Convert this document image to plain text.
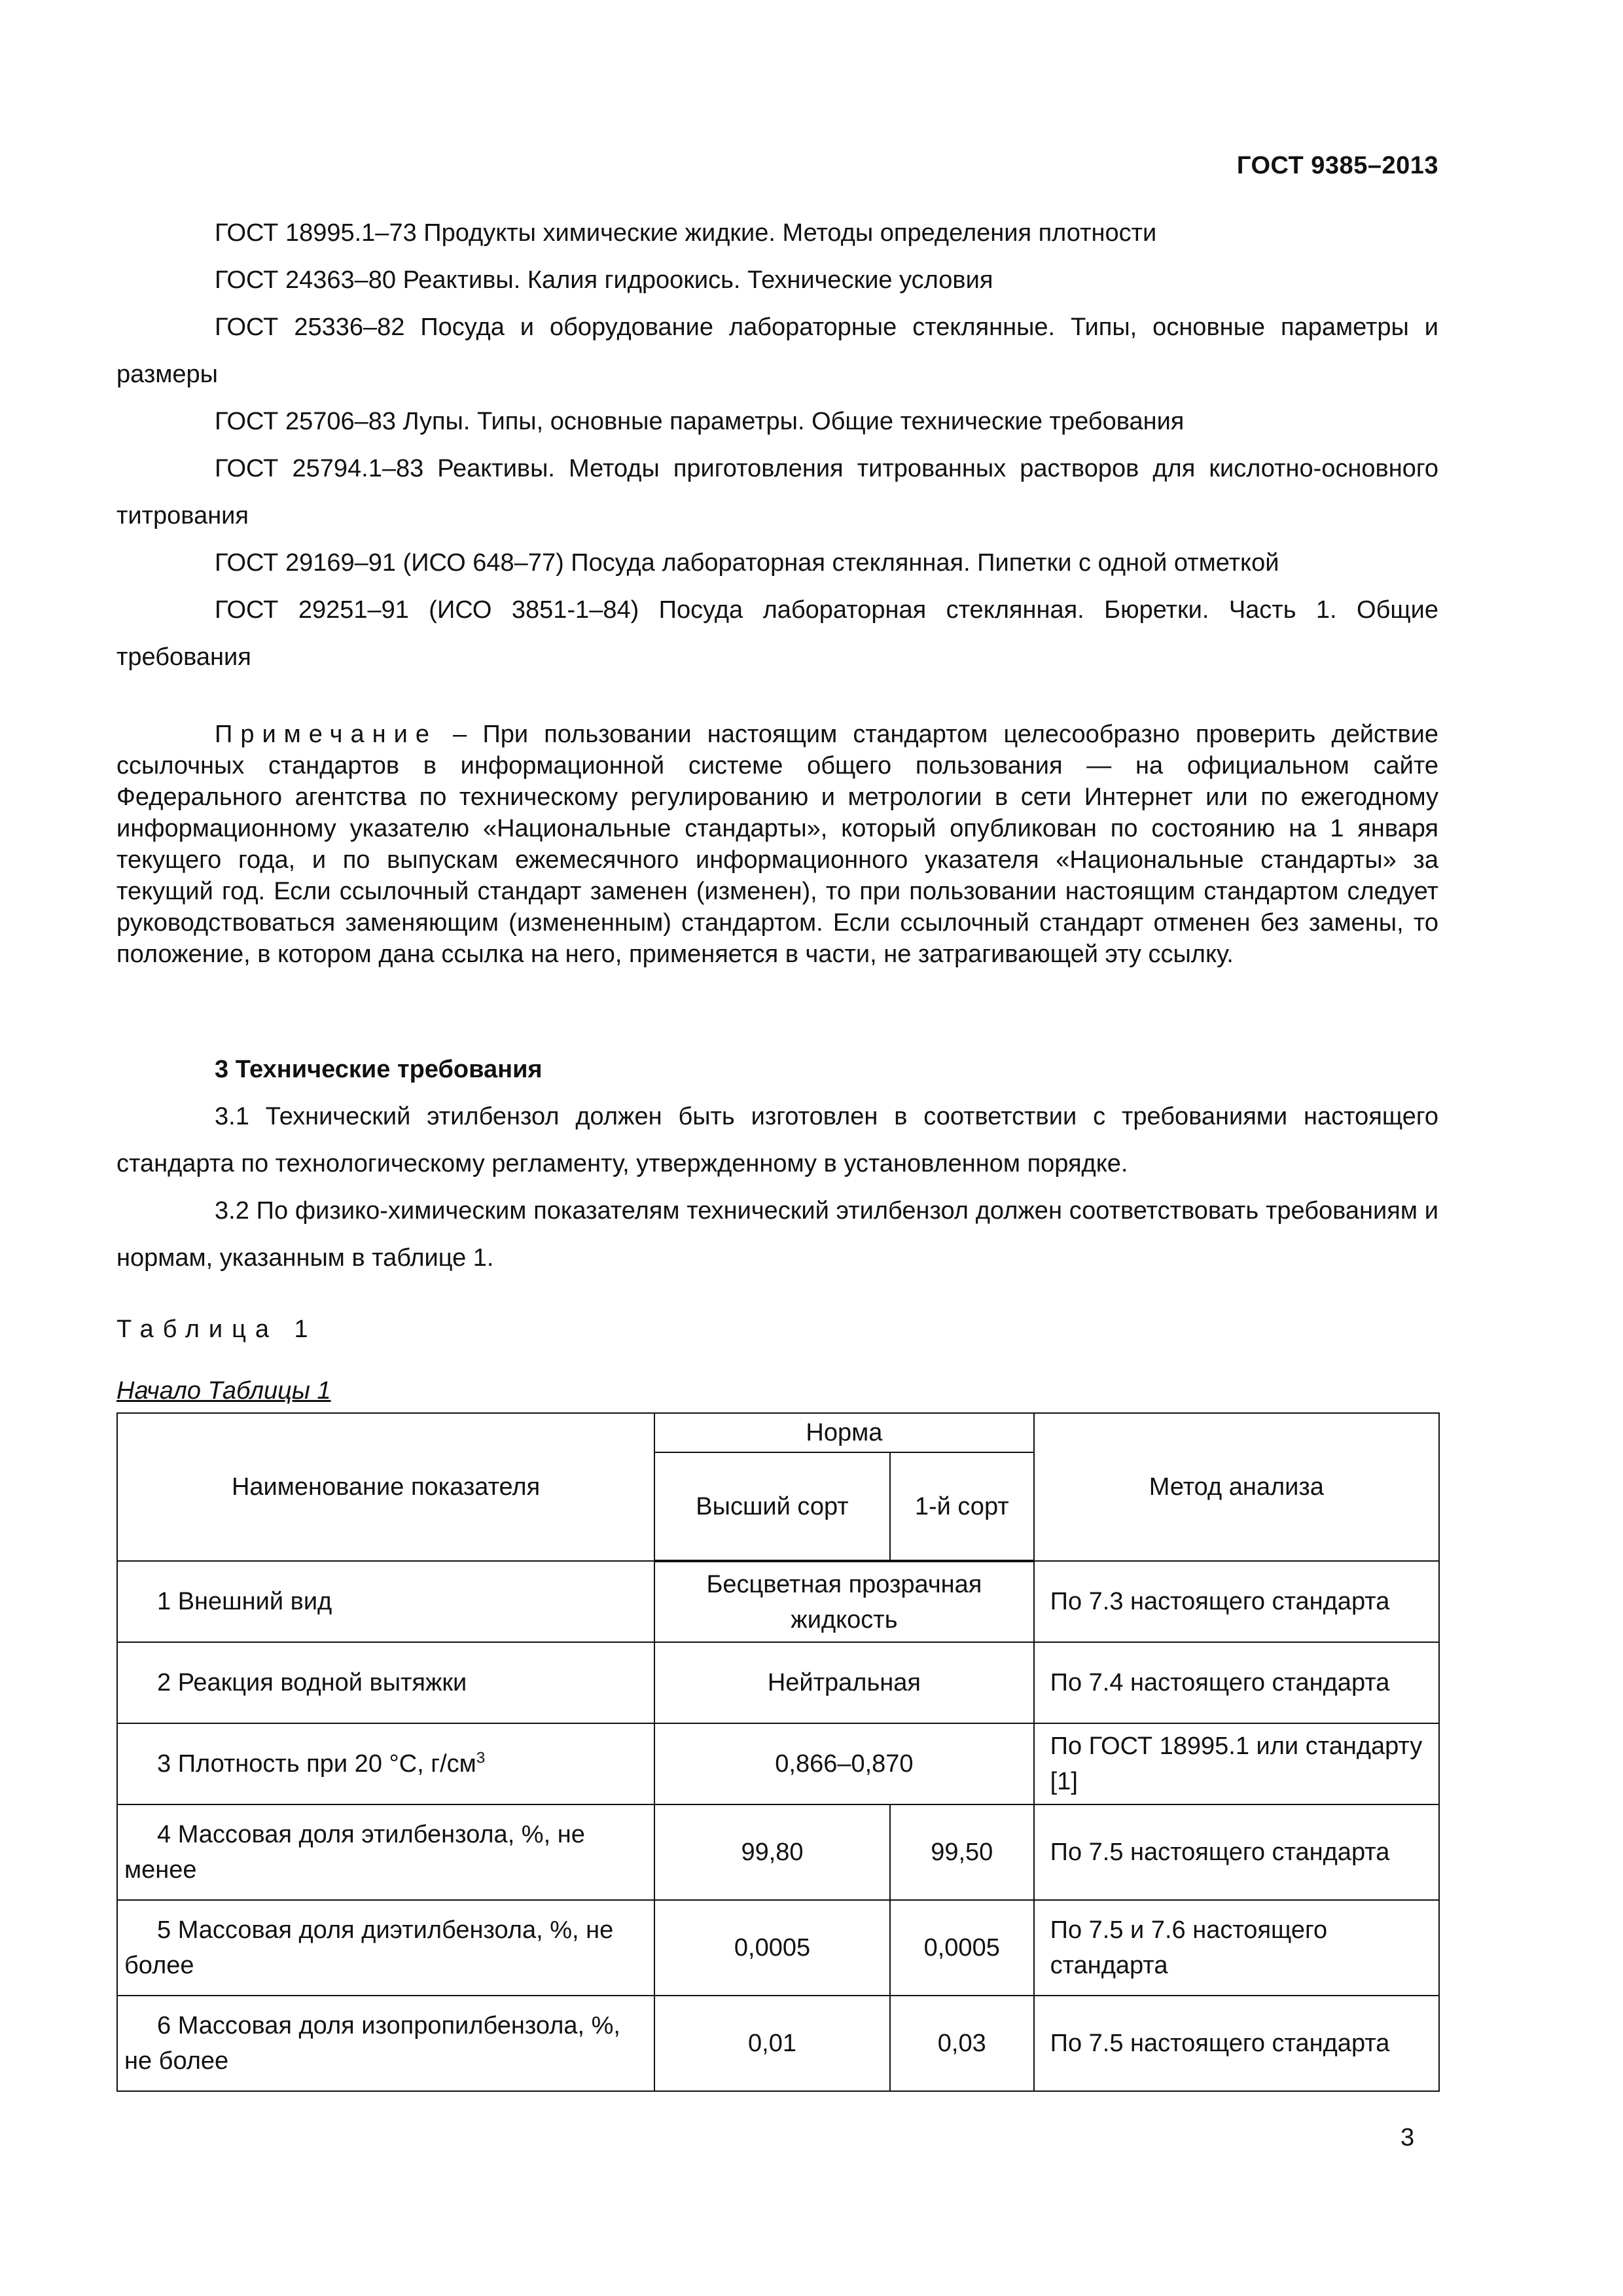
ГОСТ 9385–2013

ГОСТ 18995.1–73 Продукты химические жидкие. Методы определения плотности

ГОСТ 24363–80 Реактивы. Калия гидроокись. Технические условия

ГОСТ 25336–82 Посуда и оборудование лабораторные стеклянные. Типы, основные параметры и размеры

ГОСТ 25706–83 Лупы. Типы, основные параметры. Общие технические требования

ГОСТ 25794.1–83 Реактивы. Методы приготовления титрованных растворов для кислотно-основного титрования

ГОСТ 29169–91 (ИСО 648–77) Посуда лабораторная стеклянная. Пипетки с одной отметкой

ГОСТ 29251–91 (ИСО 3851-1–84) Посуда лабораторная стеклянная. Бюретки. Часть 1. Общие требования

Примечание – При пользовании настоящим стандартом целесообразно проверить действие ссылочных стандартов в информационной системе общего пользования — на официальном сайте Федерального агентства по техническому регулированию и метрологии в сети Интернет или по ежегодному информационному указателю «Национальные стандарты», который опубликован по состоянию на 1 января текущего года, и по выпускам ежемесячного информационного указателя «Национальные стандарты» за текущий год. Если ссылочный стандарт заменен (изменен), то при пользовании настоящим стандартом следует руководствоваться заменяющим (измененным) стандартом. Если ссылочный стандарт отменен без замены, то положение, в котором дана ссылка на него, применяется в части, не затрагивающей эту ссылку.

3 Технические требования

3.1 Технический этилбензол должен быть изготовлен в соответствии с требованиями настоящего стандарта по технологическому регламенту, утвержденному в установленном порядке.

3.2 По физико-химическим показателям технический этилбензол должен соответствовать требованиям и нормам, указанным в таблице 1.

Таблица 1
Начало Таблицы 1
Наименование показателя	Норма		Метод анализа
	Высший сорт	1-й сорт	
1 Внешний вид	Бесцветная прозрачная жидкость		По 7.3 настоящего стандарта
2 Реакция водной вытяжки	Нейтральная		По 7.4 настоящего стандарта
3 Плотность при 20 °С, $г/см^3$	0,866–0,870		По ГОСТ 18995.1 или стандарту [1]
4 Массовая доля этилбензола, %, не менее	99,80	99,50	По 7.5 настоящего стандарта
5 Массовая доля диэтилбензола, %, не более	0,0005	0,0005	По 7.5 и 7.6 настоящего стандарта
6 Массовая доля изопропилбензола, %, не более	0,01	0,03	По 7.5 настоящего стандарта
3
